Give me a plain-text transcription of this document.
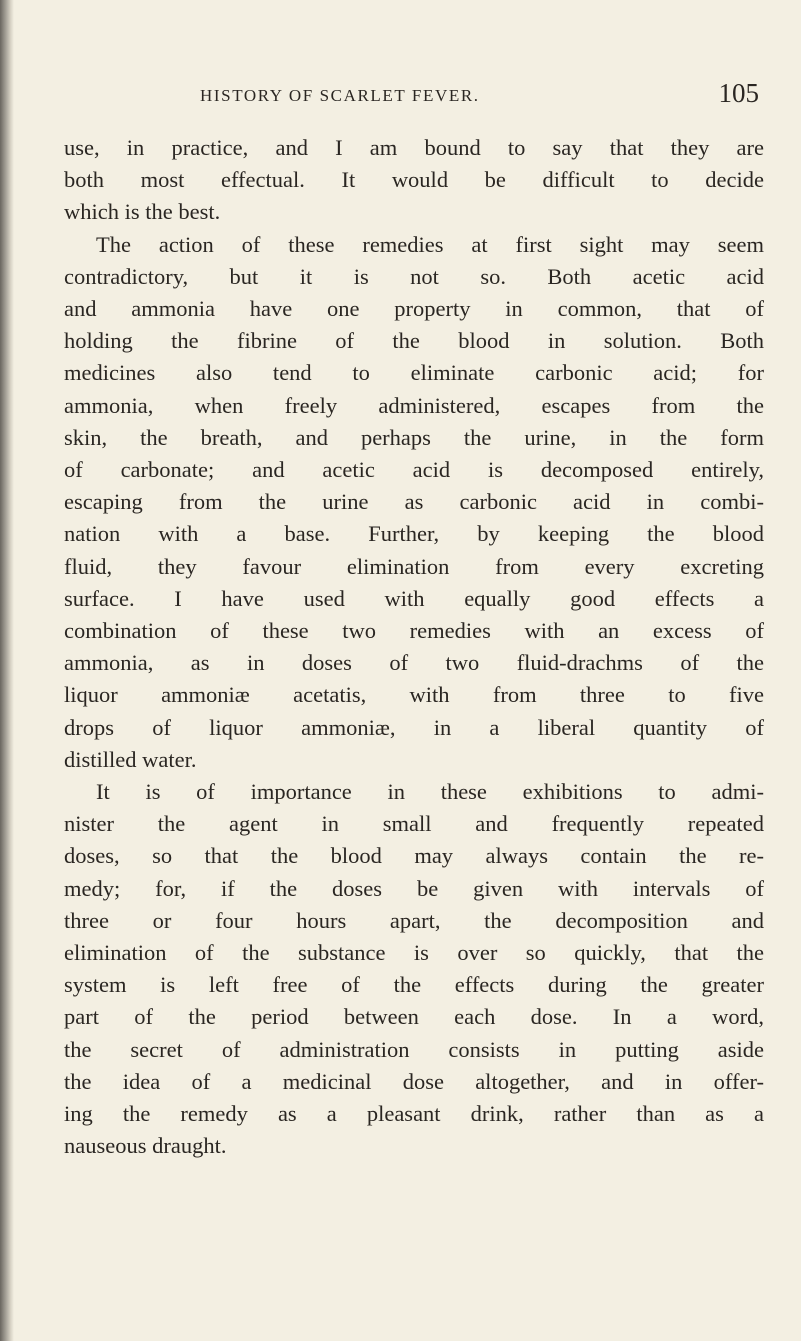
HISTORY OF SCARLET FEVER.	105

use, in practice, and I am bound to say that they are
both most effectual. It would be difficult to decide
which is the best.

The action of these remedies at first sight may seem
contradictory, but it is not so. Both acetic acid
and ammonia have one property in common, that of
holding the fibrine of the blood in solution. Both
medicines also tend to eliminate carbonic acid; for
ammonia, when freely administered, escapes from the
skin, the breath, and perhaps the urine, in the form
of carbonate; and acetic acid is decomposed entirely,
escaping from the urine as carbonic acid in combi-
nation with a base. Further, by keeping the blood
fluid, they favour elimination from every excreting
surface. I have used with equally good effects a
combination of these two remedies with an excess of
ammonia, as in doses of two fluid-drachms of the
liquor ammoniæ acetatis, with from three to five
drops of liquor ammoniæ, in a liberal quantity of
distilled water.

It is of importance in these exhibitions to admi-
nister the agent in small and frequently repeated
doses, so that the blood may always contain the re-
medy; for, if the doses be given with intervals of
three or four hours apart, the decomposition and
elimination of the substance is over so quickly, that the
system is left free of the effects during the greater
part of the period between each dose. In a word,
the secret of administration consists in putting aside
the idea of a medicinal dose altogether, and in offer-
ing the remedy as a pleasant drink, rather than as a
nauseous draught.
